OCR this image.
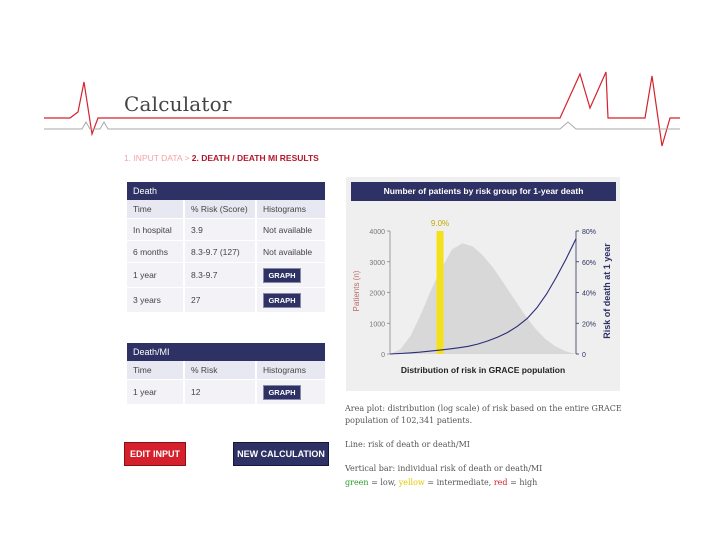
Calculator
1. INPUT DATA > 2. DEATH / DEATH MI RESULTS
Death		
Time	% Risk (Score)	Histograms
In hospital	3.9	Not available
6 months	8.3-9.7 (127)	Not available
1 year	8.3-9.7	GRAPH
3 years	27	GRAPH
Death/MI		
Time	% Risk	Histograms
1 year	12	GRAPH
EDIT INPUT	NEW CALCULATION
Number of patients by risk group for 1-year death
9.0%
4000
3000
2000
1000
0
80%
60%
40%
20%
0
Distribution of risk in GRACE population
Patients (n)	Risk of death at 1 year
Area plot: distribution (log scale) of risk based on the entire GRACE population of 102,341 patients.
Line: risk of death or death/MI
Vertical bar: individual risk of death or death/MI
green = low, yellow = intermediate, red = high
